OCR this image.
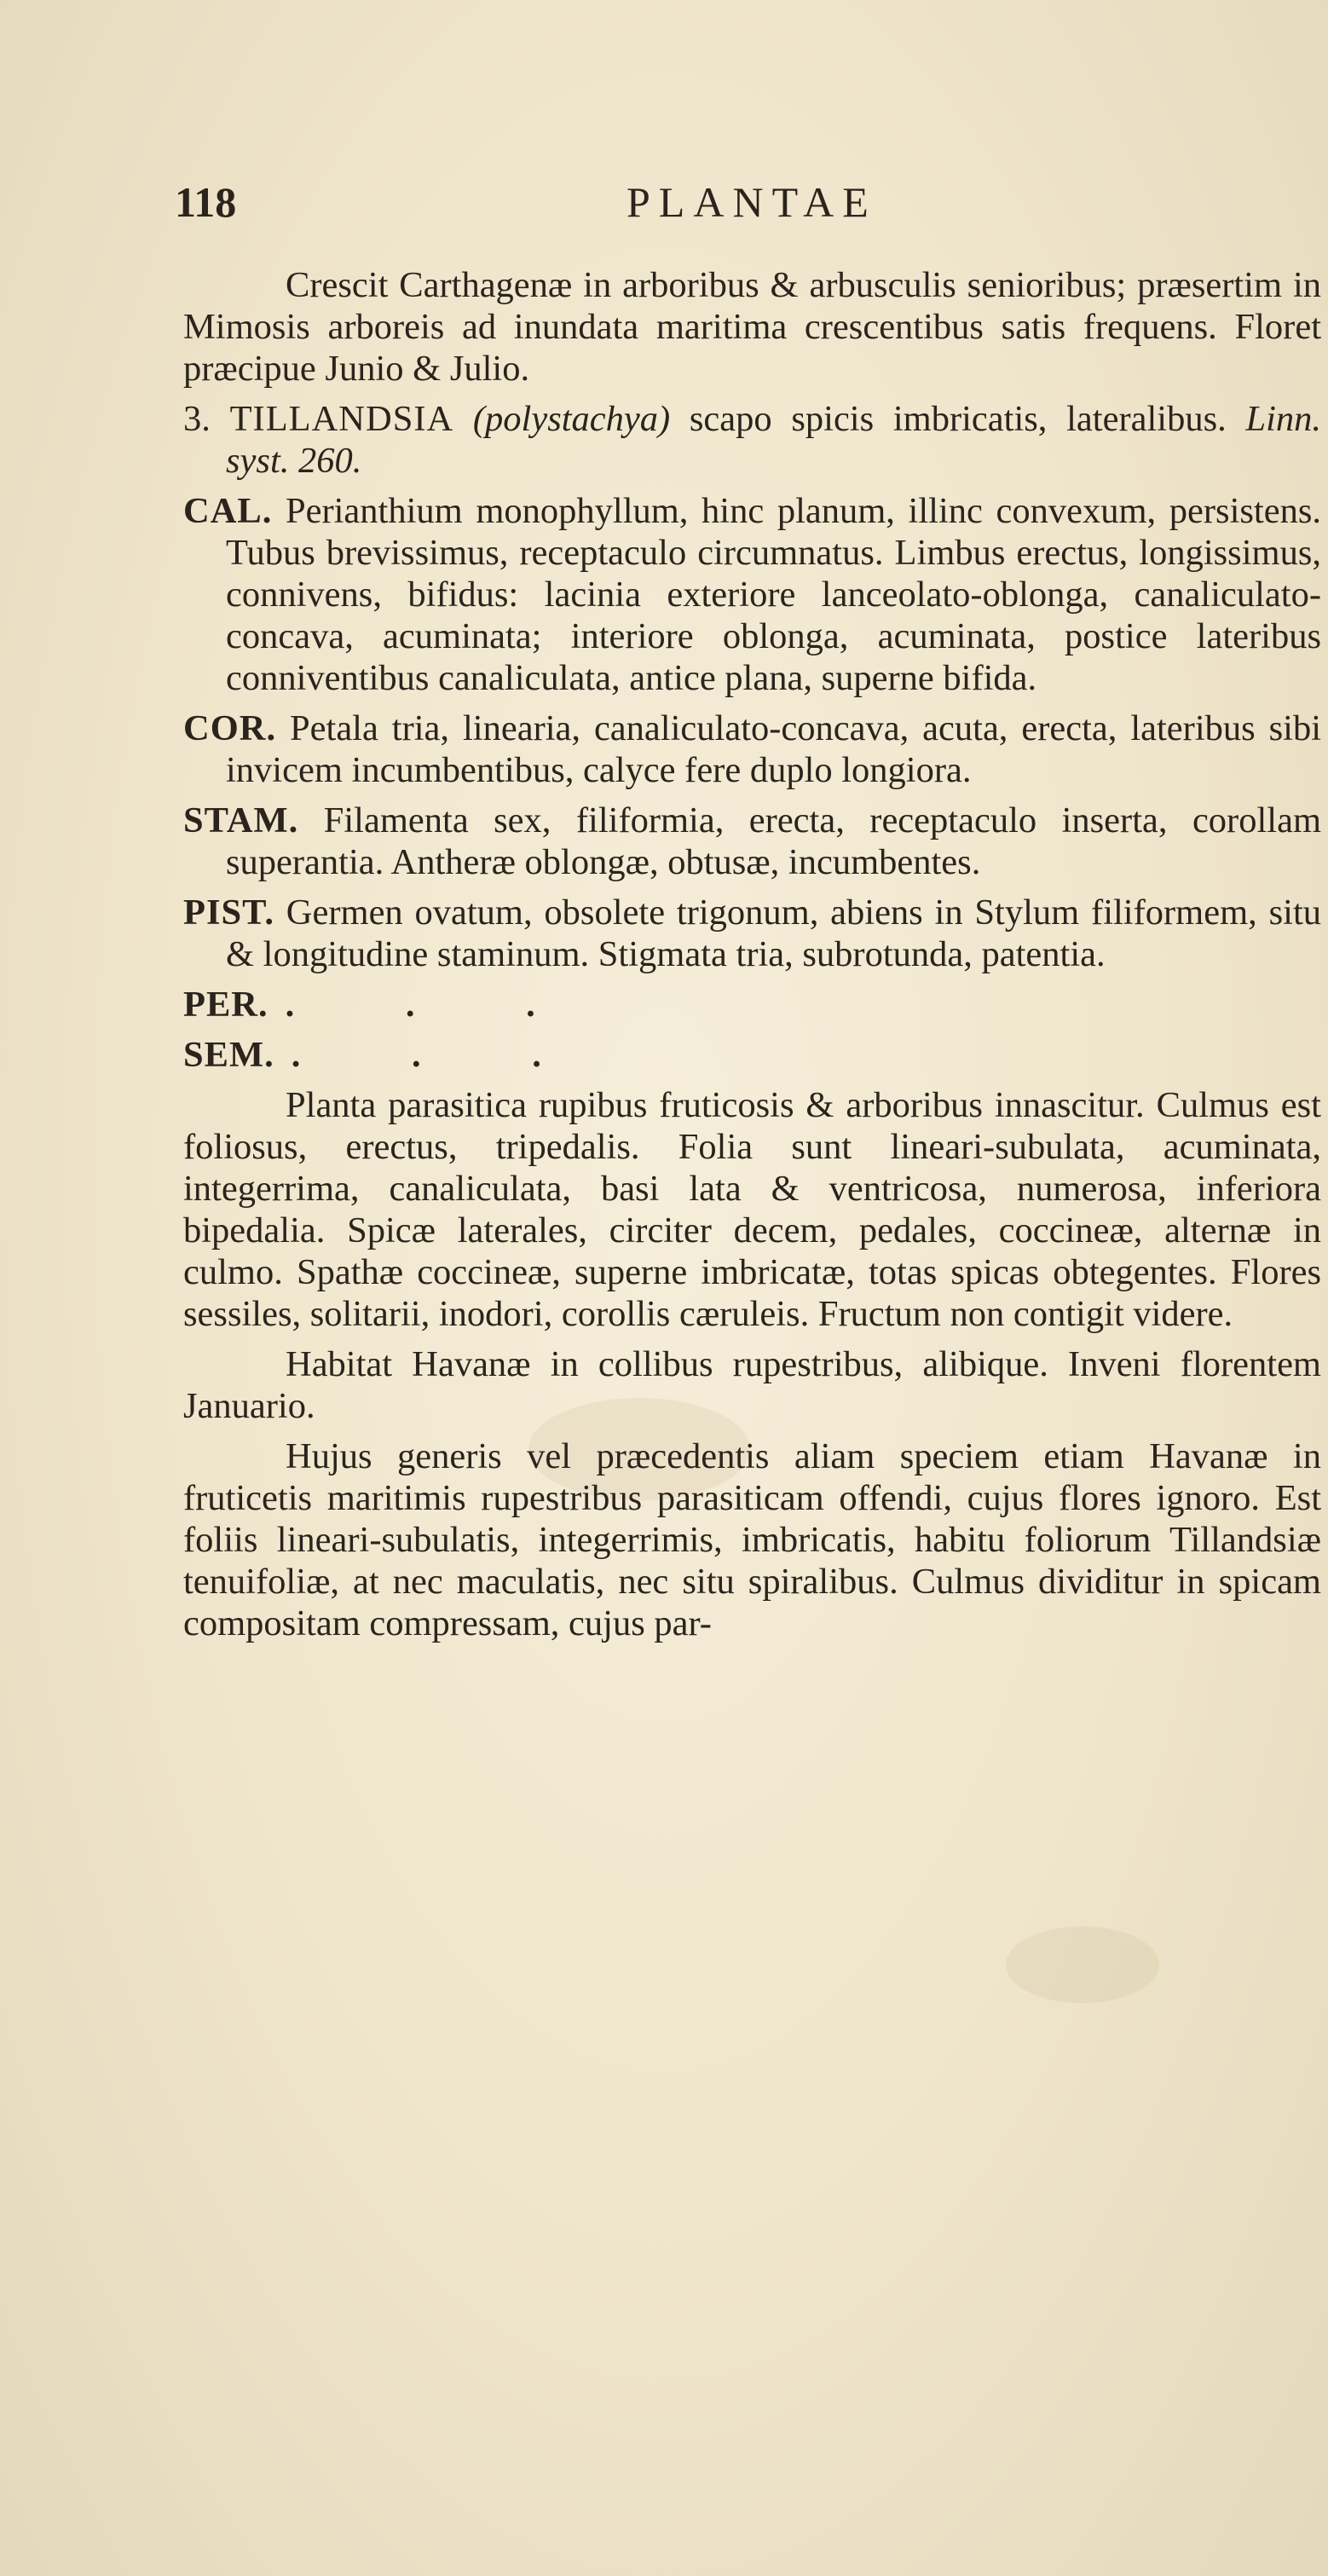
118	PLANTAE

Crescit Carthagenæ in arboribus & arbusculis senioribus; præsertim in Mimosis arboreis ad inundata maritima crescentibus satis frequens. Floret præcipue Junio & Julio.

3. TILLANDSIA (polystachya) scapo spicis imbricatis, lateralibus. Linn. syst. 260.

CAL. Perianthium monophyllum, hinc planum, illinc convexum, persistens. Tubus brevissimus, receptaculo circumnatus. Limbus erectus, longissimus, connivens, bifidus: lacinia exteriore lanceolato-oblonga, canaliculato-concava, acuminata; interiore oblonga, acuminata, postice lateribus conniventibus canaliculata, antice plana, superne bifida.

COR. Petala tria, linearia, canaliculato-concava, acuta, erecta, lateribus sibi invicem incumbentibus, calyce fere duplo longiora.

STAM. Filamenta sex, filiformia, erecta, receptaculo inserta, corollam superantia. Antheræ oblongæ, obtusæ, incumbentes.

PIST. Germen ovatum, obsolete trigonum, abiens in Stylum filiformem, situ & longitudine staminum. Stigmata tria, subrotunda, patentia.

PER. . . .

SEM. . . .

Planta parasitica rupibus fruticosis & arboribus innascitur. Culmus est foliosus, erectus, tripedalis. Folia sunt lineari-subulata, acuminata, integerrima, canaliculata, basi lata & ventricosa, numerosa, inferiora bipedalia. Spicæ laterales, circiter decem, pedales, coccineæ, alternæ in culmo. Spathæ coccineæ, superne imbricatæ, totas spicas obtegentes. Flores sessiles, solitarii, inodori, corollis cæruleis. Fructum non contigit videre.

Habitat Havanæ in collibus rupestribus, alibique. Inveni florentem Januario.

Hujus generis vel præcedentis aliam speciem etiam Havanæ in fruticetis maritimis rupestribus parasiticam offendi, cujus flores ignoro. Est foliis lineari-subulatis, integerrimis, imbricatis, habitu foliorum Tillandsiæ tenuifoliæ, at nec maculatis, nec situ spiralibus. Culmus dividitur in spicam compositam compressam, cujus par-
